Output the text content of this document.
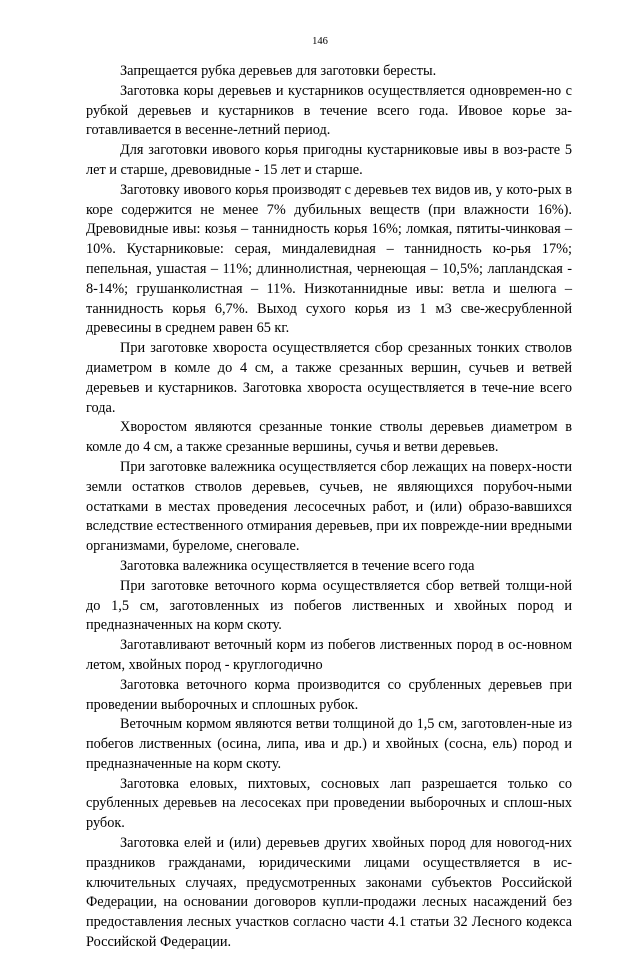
146

Запрещается рубка деревьев для заготовки бересты.

Заготовка коры деревьев и кустарников осуществляется одновремен-но с рубкой деревьев и кустарников в течение всего года. Ивовое корье за-готавливается в весенне-летний период.

Для заготовки ивового корья пригодны кустарниковые ивы в воз-расте 5 лет и старше, древовидные - 15 лет и старше.

Заготовку ивового корья производят с деревьев тех видов ив, у кото-рых в коре содержится не менее 7% дубильных веществ (при влажности 16%). Древовидные ивы: козья – таннидность корья 16%; ломкая, пятиты-чинковая – 10%. Кустарниковые: серая, миндалевидная – таннидность ко-рья 17%; пепельная, ушастая – 11%; длиннолистная, чернеющая – 10,5%; лапландская - 8-14%; грушанколистная – 11%. Низкотаннидные ивы: ветла и шелюга – таннидность корья 6,7%. Выход сухого корья из 1 м3 све-жесрубленной древесины в среднем равен 65 кг.

При заготовке хвороста осуществляется сбор срезанных тонких стволов диаметром в комле до 4 см, а также срезанных вершин, сучьев и ветвей деревьев и кустарников. Заготовка хвороста осуществляется в тече-ние всего года.

Хворостом являются срезанные тонкие стволы деревьев диаметром в комле до 4 см, а также срезанные вершины, сучья и ветви деревьев.

При заготовке валежника осуществляется сбор лежащих на поверх-ности земли остатков стволов деревьев, сучьев, не являющихся порубоч-ными остатками в местах проведения лесосечных работ, и (или) образо-вавшихся вследствие естественного отмирания деревьев, при их поврежде-нии вредными организмами, буреломе, снеговале.

Заготовка валежника осуществляется в течение всего года

При заготовке веточного корма осуществляется сбор ветвей толщи-ной до 1,5 см, заготовленных из побегов лиственных и хвойных пород и предназначенных на корм скоту.

Заготавливают веточный корм из побегов лиственных пород в ос-новном летом, хвойных пород - круглогодично

Заготовка веточного корма производится со срубленных деревьев при проведении выборочных и сплошных рубок.

Веточным кормом являются ветви толщиной до 1,5 см, заготовлен-ные из побегов лиственных (осина, липа, ива и др.) и хвойных (сосна, ель) пород и предназначенные на корм скоту.

Заготовка еловых, пихтовых, сосновых лап разрешается только со срубленных деревьев на лесосеках при проведении выборочных и сплош-ных рубок.

Заготовка елей и (или) деревьев других хвойных пород для новогод-них праздников гражданами, юридическими лицами осуществляется в ис-ключительных случаях, предусмотренных законами субъектов Российской Федерации, на основании договоров купли-продажи лесных насаждений без предоставления лесных участков согласно части 4.1 статьи 32 Лесного кодекса Российской Федерации.
